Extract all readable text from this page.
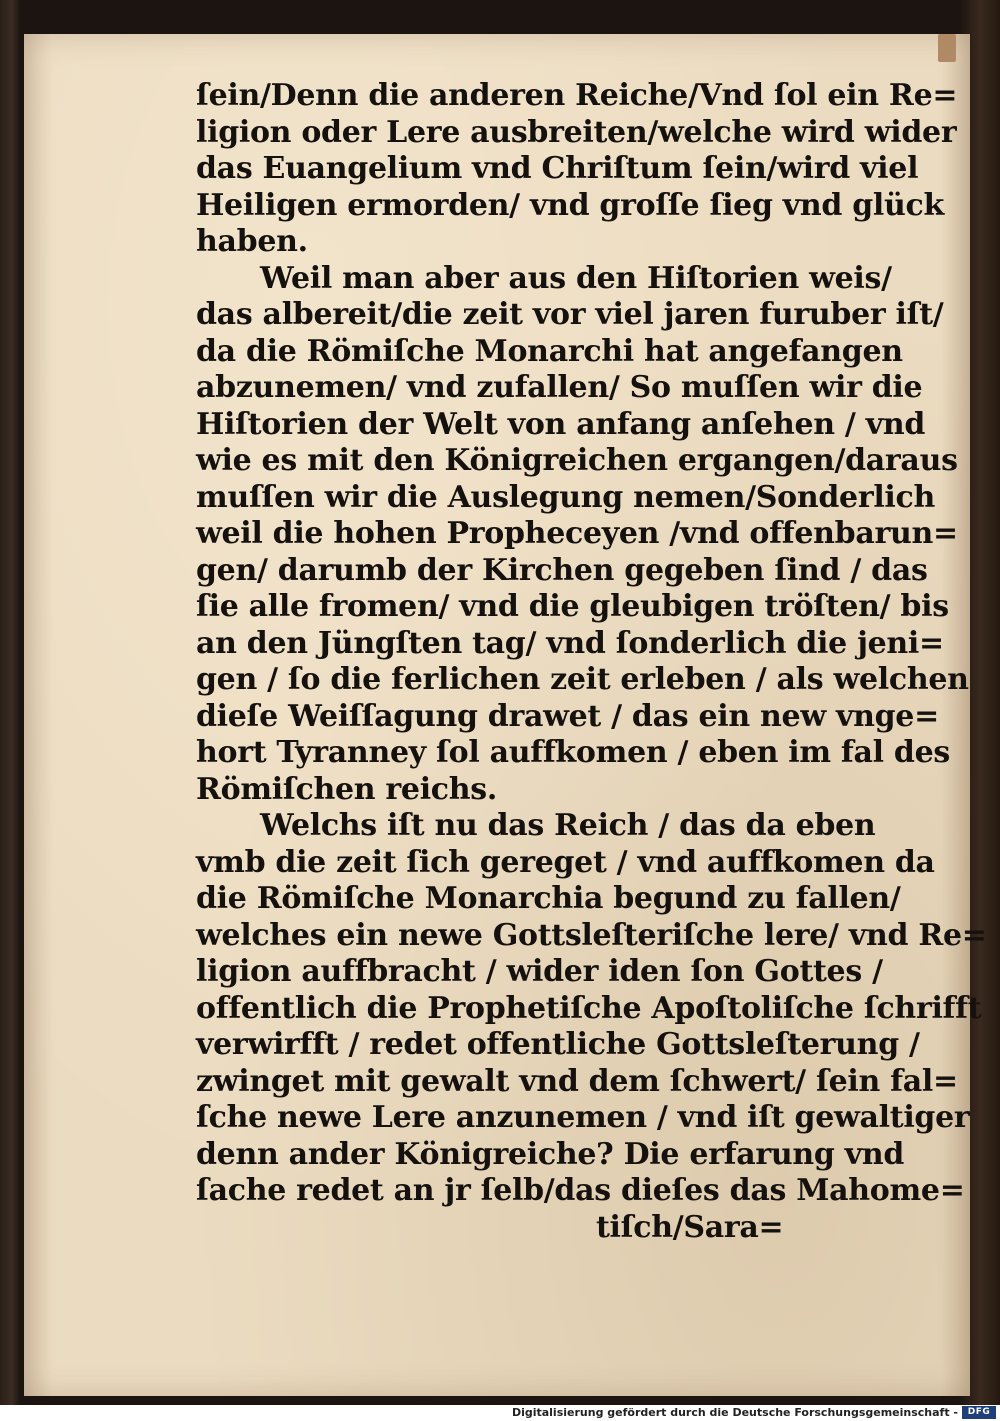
ſein/Denn die anderen Reiche/Vnd ſol ein Re=
ligion oder Lere ausbreiten/welche wird wider
das Euangelium vnd Chriſtum ſein/wird viel
Heiligen ermorden/ vnd groſſe ſieg vnd glück
haben.
Weil man aber aus den Hiſtorien weis/
das albereit/die zeit vor viel jaren furuber iſt/
da die Römiſche Monarchi hat angefangen
abzunemen/ vnd zufallen/ So muſſen wir die
Hiſtorien der Welt von anfang anſehen / vnd
wie es mit den Königreichen ergangen/daraus
muſſen wir die Auslegung nemen/Sonderlich
weil die hohen Propheceyen /vnd offenbarun=
gen/ darumb der Kirchen gegeben ſind / das
ſie alle fromen/ vnd die gleubigen tröſten/ bis
an den Jüngſten tag/ vnd ſonderlich die jeni=
gen / ſo die ferlichen zeit erleben / als welchen
dieſe Weiſſagung drawet / das ein new vnge=
hort Tyranney ſol auffkomen / eben im fal des
Römiſchen reichs.
Welchs iſt nu das Reich / das da eben
vmb die zeit ſich gereget / vnd auffkomen da
die Römiſche Monarchia begund zu fallen/
welches ein newe Gottsleſteriſche lere/ vnd Re=
ligion auffbracht / wider iden ſon Gottes /
offentlich die Prophetiſche Apoſtoliſche ſchrifft
verwirfft / redet offentliche Gottsleſterung /
zwinget mit gewalt vnd dem ſchwert/ ſein fal=
ſche newe Lere anzunemen / vnd iſt gewaltiger
denn ander Königreiche? Die erfarung vnd
ſache redet an jr ſelb/das dieſes das Mahome=
tiſch/Sara=
Digitalisierung gefördert durch die Deutsche Forschungsgemeinschaft -	DFG
